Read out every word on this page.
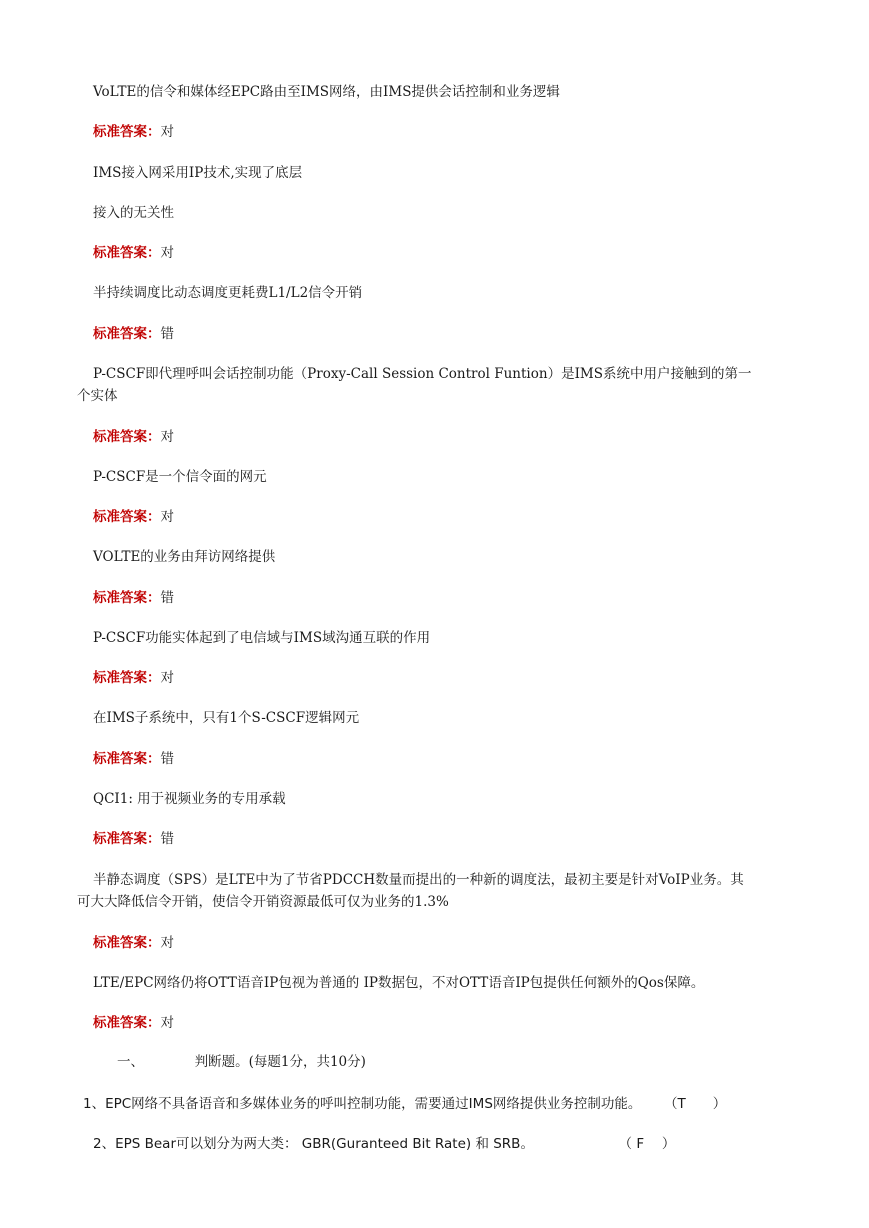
VoLTE的信令和媒体经EPC路由至IMS网络，由IMS提供会话控制和业务逻辑
标准答案：对
IMS接入网采用IP技术,实现了底层
接入的无关性
标准答案：对
半持续调度比动态调度更耗费L1/L2信令开销
标准答案：错
P-CSCF即代理呼叫会话控制功能（Proxy-Call Session Control Funtion）是IMS系统中用户接触到的第一
个实体
标准答案：对
P-CSCF是一个信令面的网元
标准答案：对
VOLTE的业务由拜访网络提供
标准答案：错
P-CSCF功能实体起到了电信域与IMS域沟通互联的作用
标准答案：对
在IMS子系统中，只有1个S-CSCF逻辑网元
标准答案：错
QCI1: 用于视频业务的专用承载
标准答案：错
半静态调度（SPS）是LTE中为了节省PDCCH数量而提出的一种新的调度法，最初主要是针对VoIP业务。其
可大大降低信令开销，使信令开销资源最低可仅为业务的1.3%
标准答案：对
LTE/EPC网络仍将OTT语音IP包视为普通的 IP数据包，不对OTT语音IP包提供任何额外的Qos保障。
标准答案：对
一、	判断题。(每题1分，共10分)
1、EPC网络不具备语音和多媒体业务的呼叫控制功能，需要通过IMS网络提供业务控制功能。 （T　　）
2、EPS Bear可以划分为两大类： GBR(Guranteed Bit Rate) 和 SRB。	（ F　 ）
